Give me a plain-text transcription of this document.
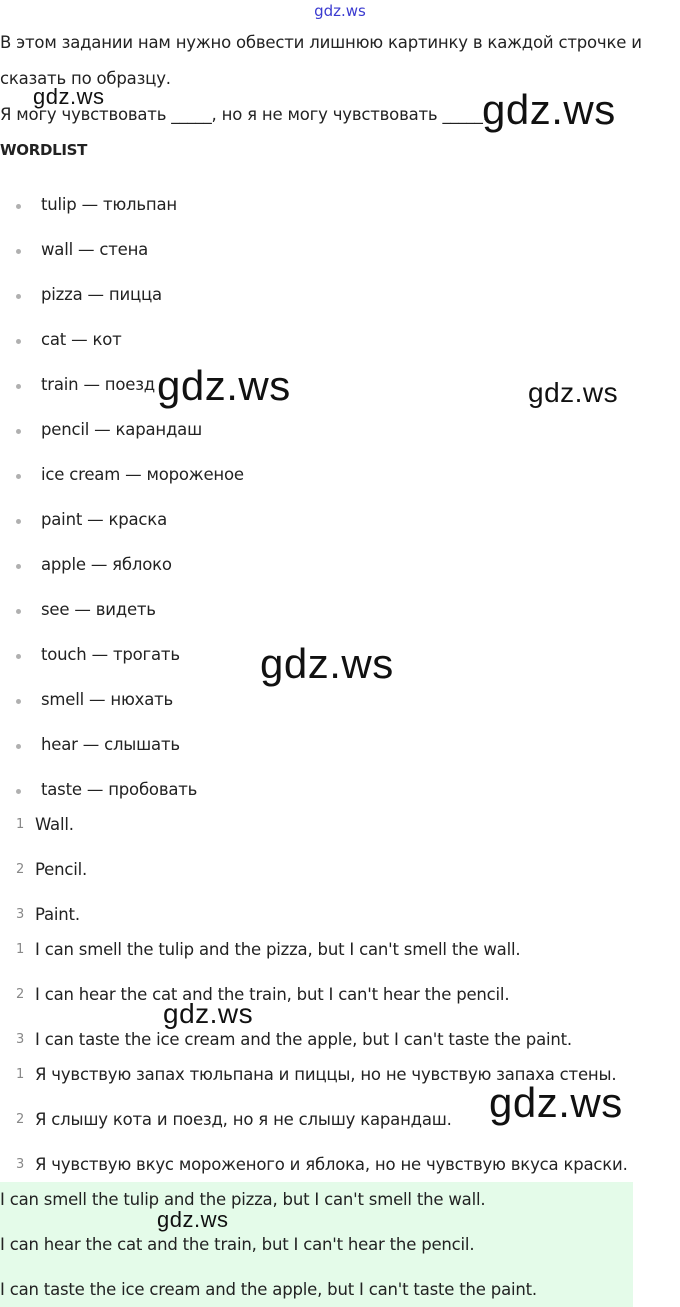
gdz.ws
В этом задании нам нужно обвести лишнюю картинку в каждой строчке и
сказать по образцу.
Я могу чувствовать _____, но я не могу чувствовать _____.
WORDLIST
tulip — тюльпан
wall — стена
pizza — пицца
cat — кот
train — поезд
pencil — карандаш
ice cream — мороженое
paint — краска
apple — яблоко
see — видеть
touch — трогать
smell — нюхать
hear — слышать
taste — пробовать
1 Wall.
2 Pencil.
3 Paint.
1 I can smell the tulip and the pizza, but I can't smell the wall.
2 I can hear the cat and the train, but I can't hear the pencil.
3 I can taste the ice cream and the apple, but I can't taste the paint.
1 Я чувствую запах тюльпана и пиццы, но не чувствую запаха стены.
2 Я слышу кота и поезд, но я не слышу карандаш.
3 Я чувствую вкус мороженого и яблока, но не чувствую вкуса краски.
I can smell the tulip and the pizza, but I can't smell the wall.
I can hear the cat and the train, but I can't hear the pencil.
I can taste the ice cream and the apple, but I can't taste the paint.
gdz.ws	gdz.ws
gdz.ws	gdz.ws
gdz.ws
gdz.ws
gdz.ws
gdz.ws
